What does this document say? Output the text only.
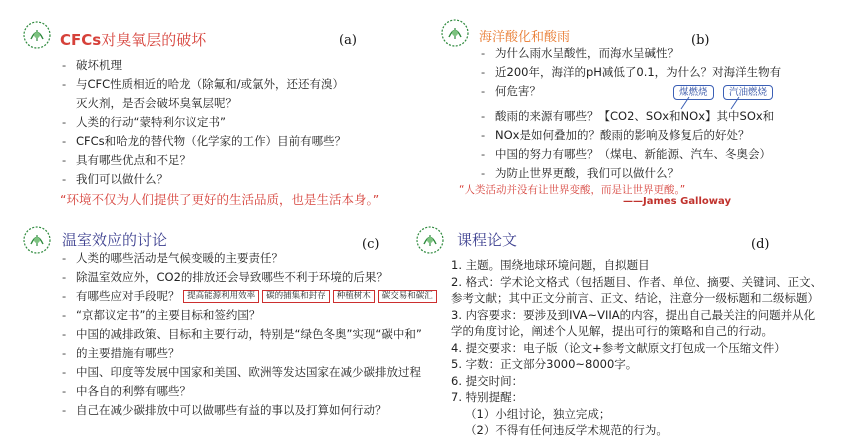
CFCs对臭氧层的破坏	(a)
- 破坏机理
- 与CFC性质相近的哈龙（除氟和/或氯外，还还有溴）
灭火剂，是否会破坏臭氧层呢？
- 人类的行动“蒙特利尔议定书”
- CFCs和哈龙的替代物（化学家的工作）目前有哪些？
- 具有哪些优点和不足？
- 我们可以做什么？
“环境不仅为人们提供了更好的生活品质，也是生活本身。”
海洋酸化和酸雨	(b)
- 为什么雨水呈酸性，而海水呈碱性？
- 近200年，海洋的pH减低了0.1，为什么？对海洋生物有
- 何危害？
- 酸雨的来源有哪些？【CO2、SOx和NOx】其中SOx和
- NOx是如何叠加的？酸雨的影响及修复后的好处？
- 中国的努力有哪些？（煤电、新能源、汽车、冬奥会）
- 为防止世界更酸，我们可以做什么？
煤燃烧	汽油燃烧
“人类活动并没有让世界变酸，而是让世界更酸。”
——James Galloway
温室效应的讨论	(c)
- 人类的哪些活动是气候变暖的主要责任？
- 除温室效应外，CO2的排放还会导致哪些不利于环境的后果？
- 有哪些应对手段呢？ 提高能源利用效率 碳的捕集和封存 种植树木 碳交易和碳汇
- “京都议定书”的主要目标和签约国？
- 中国的减排政策、目标和主要行动，特别是“绿色冬奥”实现“碳中和”
- 的主要措施有哪些？
- 中国、印度等发展中国家和美国、欧洲等发达国家在减少碳排放过程
- 中各自的利弊有哪些？
- 自己在减少碳排放中可以做哪些有益的事以及打算如何行动？
课程论文	(d)
1. 主题。围绕地球环境问题，自拟题目
2. 格式：学术论文格式（包括题目、作者、单位、摘要、关键词、正文、
参考文献；其中正文分前言、正文、结论，注意分一级标题和二级标题）
3. 内容要求：要涉及到IVA~VIIA的内容，提出自己最关注的问题并从化
学的角度讨论，阐述个人见解，提出可行的策略和自己的行动。
4. 提交要求：电子版（论文+参考文献原文打包成一个压缩文件）
5. 字数：正文部分3000~8000字。
6. 提交时间：
7. 特别提醒：
（1）小组讨论，独立完成；
（2）不得有任何违反学术规范的行为。
